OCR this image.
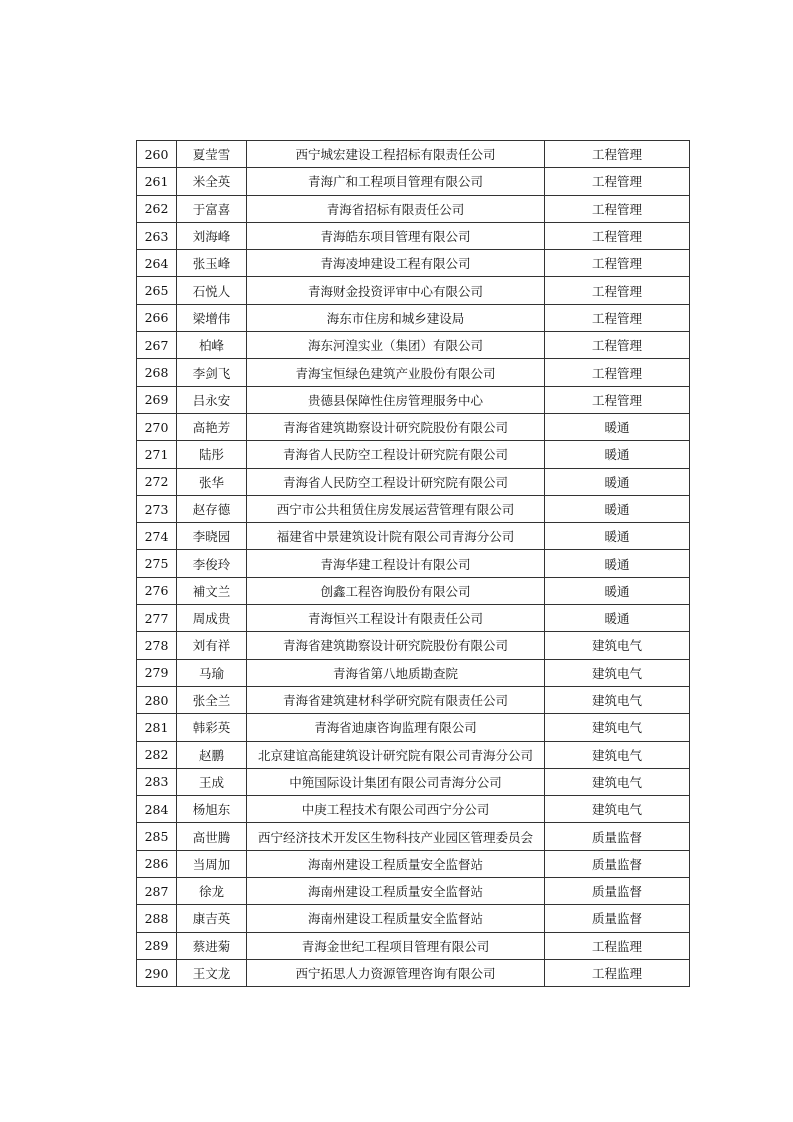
260	夏莹雪	西宁城宏建设工程招标有限责任公司	工程管理
261	米全英	青海广和工程项目管理有限公司	工程管理
262	于富喜	青海省招标有限责任公司	工程管理
263	刘海峰	青海皓东项目管理有限公司	工程管理
264	张玉峰	青海凌坤建设工程有限公司	工程管理
265	石悦人	青海财金投资评审中心有限公司	工程管理
266	梁增伟	海东市住房和城乡建设局	工程管理
267	柏峰	海东河湟实业（集团）有限公司	工程管理
268	李剑飞	青海宝恒绿色建筑产业股份有限公司	工程管理
269	吕永安	贵德县保障性住房管理服务中心	工程管理
270	高艳芳	青海省建筑勘察设计研究院股份有限公司	暖通
271	陆彤	青海省人民防空工程设计研究院有限公司	暖通
272	张华	青海省人民防空工程设计研究院有限公司	暖通
273	赵存德	西宁市公共租赁住房发展运营管理有限公司	暖通
274	李晓园	福建省中景建筑设计院有限公司青海分公司	暖通
275	李俊玲	青海华建工程设计有限公司	暖通
276	補文兰	创鑫工程咨询股份有限公司	暖通
277	周成贵	青海恒兴工程设计有限责任公司	暖通
278	刘有祥	青海省建筑勘察设计研究院股份有限公司	建筑电气
279	马瑜	青海省第八地质勘查院	建筑电气
280	张全兰	青海省建筑建材科学研究院有限责任公司	建筑电气
281	韩彩英	青海省迪康咨询监理有限公司	建筑电气
282	赵鹏	北京建谊高能建筑设计研究院有限公司青海分公司	建筑电气
283	王成	中篼国际设计集团有限公司青海分公司	建筑电气
284	杨旭东	中庚工程技术有限公司西宁分公司	建筑电气
285	高世腾	西宁经济技术开发区生物科技产业园区管理委员会	质量监督
286	当周加	海南州建设工程质量安全监督站	质量监督
287	徐龙	海南州建设工程质量安全监督站	质量监督
288	康吉英	海南州建设工程质量安全监督站	质量监督
289	蔡进菊	青海金世纪工程项目管理有限公司	工程监理
290	王文龙	西宁拓思人力资源管理咨询有限公司	工程监理
